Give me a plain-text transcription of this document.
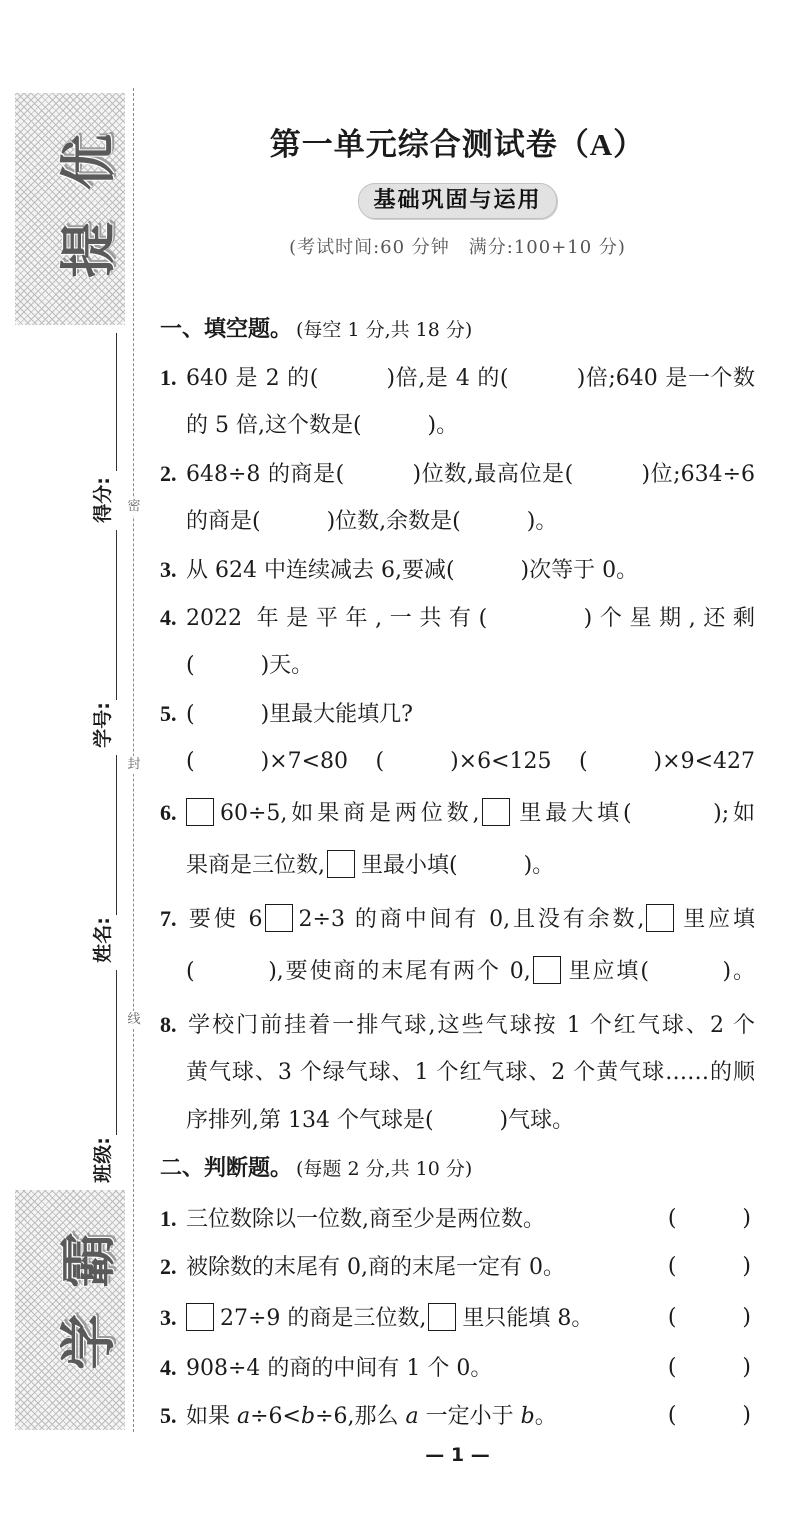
提
优
得分:
学号:
姓名:
班级:
密
封
线
学
霸
第一单元综合测试卷（A）
基础巩固与运用
(考试时间:60 分钟　满分:100+10 分)
一、填空题。 (每空 1 分,共 18 分)
1. 640 是 2 的(　　　)倍,是 4 的(　　　)倍;640 是一个数
的 5 倍,这个数是(　　　)。
2. 648÷8 的商是(　　　)位数,最高位是(　　　)位;634÷6
的商是(　　　)位数,余数是(　　　)。
3. 从 624 中连续减去 6,要减(　　　)次等于 0。
4. 2022 年是平年,一共有(　　　)个星期,还剩
(　　　)天。
5. (　　　)里最大能填几?
(　　　)×7<80 (　　　)×6<125 (　　　)×9<427
6. 60÷5,如果商是两位数, 里最大填(　　　);如
果商是三位数, 里最小填(　　　)。
7. 要使 6 2÷3 的商中间有 0,且没有余数, 里应填
(　　　),要使商的末尾有两个 0, 里应填(　　　)。
8. 学校门前挂着一排气球,这些气球按 1 个红气球、2 个
黄气球、3 个绿气球、1 个红气球、2 个黄气球……的顺
序排列,第 134 个气球是(　　　)气球。
二、判断题。 (每题 2 分,共 10 分)
1. 三位数除以一位数,商至少是两位数。	(　　　)
2. 被除数的末尾有 0,商的末尾一定有 0。	(　　　)
3. 27÷9 的商是三位数, 里只能填 8。	(　　　)
4. 908÷4 的商的中间有 1 个 0。	(　　　)
5. 如果 a÷6<b÷6,那么 a 一定小于 b。	(　　　)
— 1 —
